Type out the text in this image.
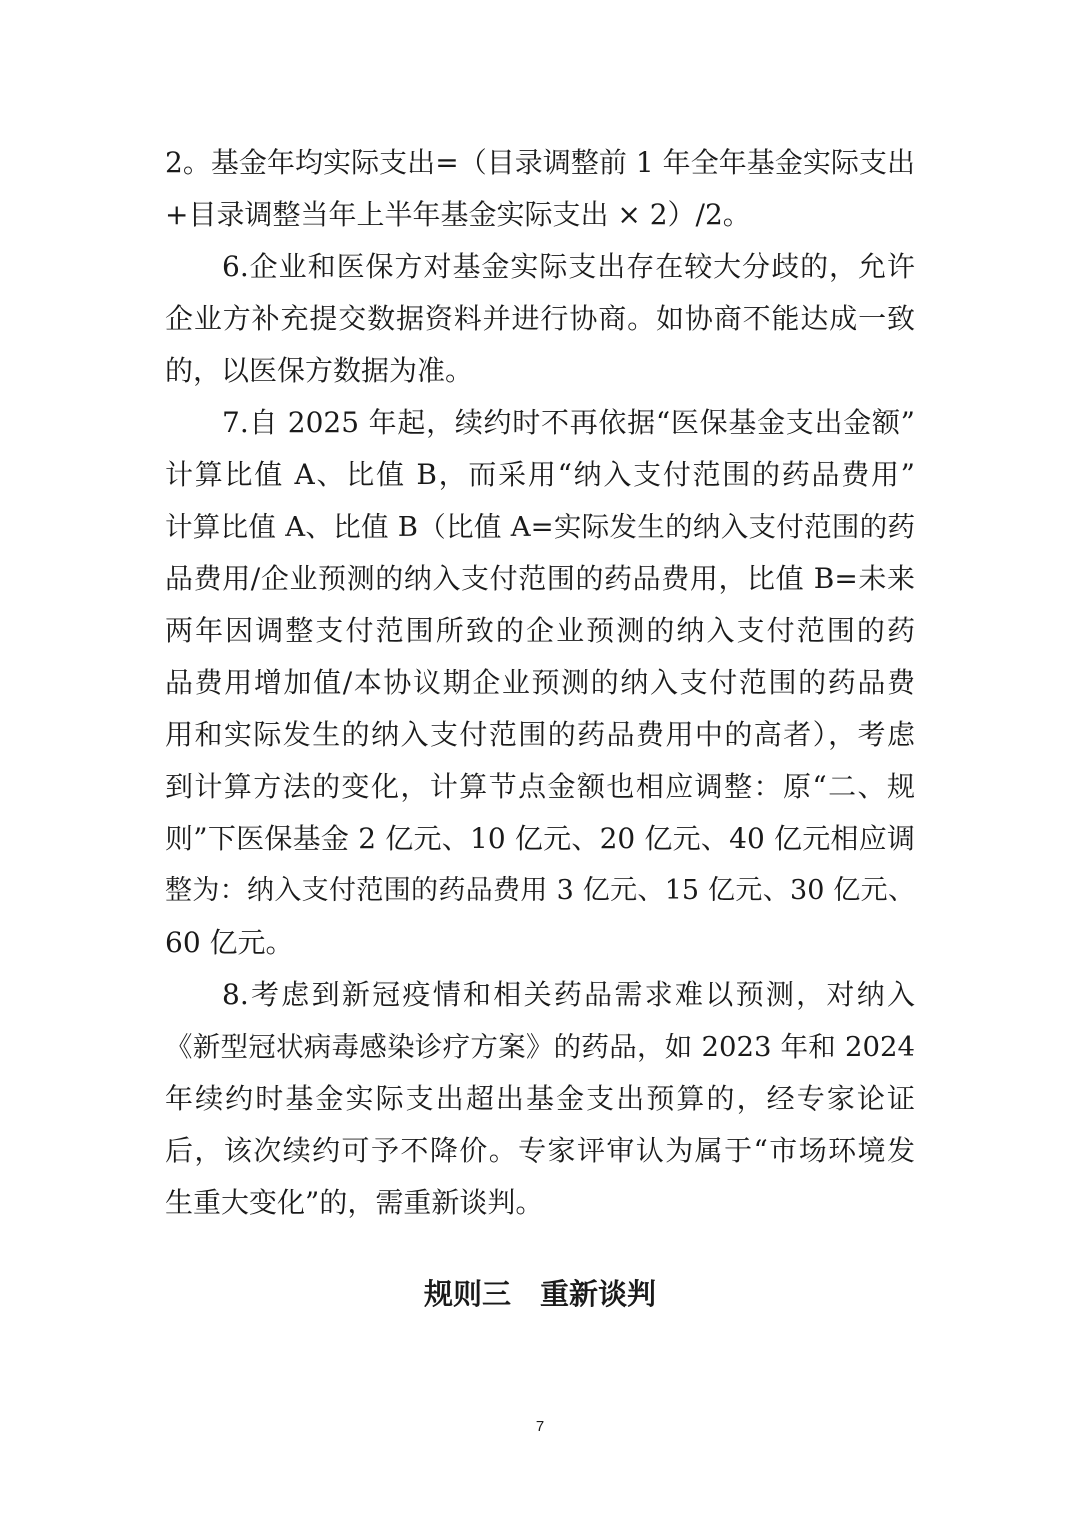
2。基金年均实际支出=（目录调整前 1 年全年基金实际支出
+目录调整当年上半年基金实际支出 × 2）/2。
6.企业和医保方对基金实际支出存在较大分歧的，允许
企业方补充提交数据资料并进行协商。如协商不能达成一致
的，以医保方数据为准。
7.自 2025 年起，续约时不再依据“医保基金支出金额”
计算比值 A、比值 B，而采用“纳入支付范围的药品费用”
计算比值 A、比值 B（比值 A=实际发生的纳入支付范围的药
品费用/企业预测的纳入支付范围的药品费用，比值 B=未来
两年因调整支付范围所致的企业预测的纳入支付范围的药
品费用增加值/本协议期企业预测的纳入支付范围的药品费
用和实际发生的纳入支付范围的药品费用中的高者），考虑
到计算方法的变化，计算节点金额也相应调整：原“二、规
则”下医保基金 2 亿元、10 亿元、20 亿元、40 亿元相应调
整为：纳入支付范围的药品费用 3 亿元、15 亿元、30 亿元、
60 亿元。
8.考虑到新冠疫情和相关药品需求难以预测，对纳入
《新型冠状病毒感染诊疗方案》的药品，如 2023 年和 2024
年续约时基金实际支出超出基金支出预算的，经专家论证
后，该次续约可予不降价。专家评审认为属于“市场环境发
生重大变化”的，需重新谈判。
规则三　重新谈判
7
